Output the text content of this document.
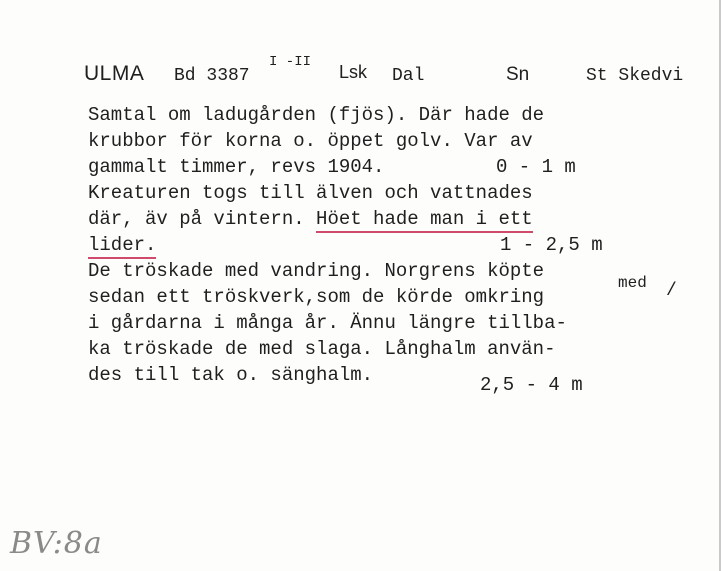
ULMA Bd 3387
I -II Lsk Dal	Sn	St Skedvi
Samtal om ladugården (fjös). Där hade de
krubbor för korna o. öppet golv. Var av
gammalt timmer, revs 1904.	0 - 1 m
Kreaturen togs till älven och vattnades
där, äv på vintern. Höet hade man i ett
lider.	1 - 2,5 m
De tröskade med vandring. Norgrens köpte
med /
sedan ett tröskverk,som de körde omkring
i gårdarna i många år. Ännu längre tillba-
ka tröskade de med slaga. Långhalm använ-
des till tak o. sänghalm.	2,5 - 4 m
BV:8a
